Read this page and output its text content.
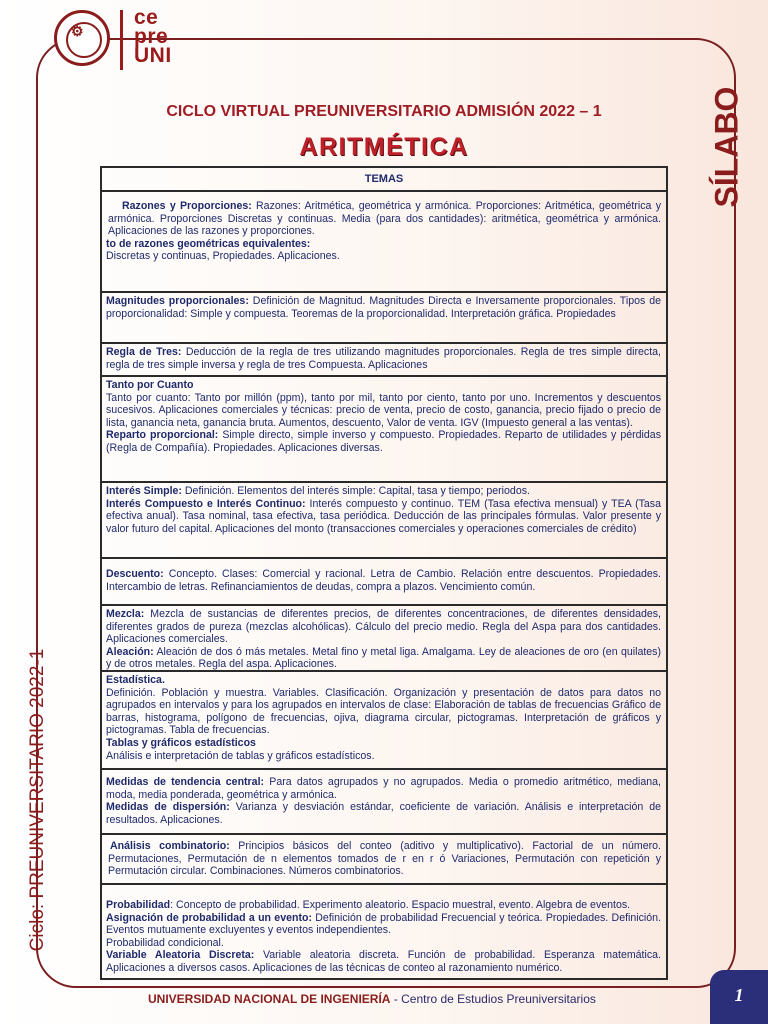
⚙
ce
pre
UNI
SÍLABO
Ciclo: PREUNIVERSITARIO 2022-1
CICLO VIRTUAL PREUNIVERSITARIO ADMISIÓN 2022 – 1
ARITMÉTICA
TEMAS

Razones y Proporciones: Razones: Aritmética, geométrica y armónica. Proporciones: Aritmética, geométrica y armónica. Proporciones Discretas y continuas. Media (para dos cantidades): aritmética, geométrica y armónica. Aplicaciones de las razones y proporciones.

to de razones geométricas equivalentes:

Discretas y continuas, Propiedades. Aplicaciones.

Magnitudes proporcionales: Definición de Magnitud. Magnitudes Directa e Inversamente proporcionales. Tipos de proporcionalidad: Simple y compuesta. Teoremas de la proporcionalidad. Interpretación gráfica. Propiedades

Regla de Tres: Deducción de la regla de tres utilizando magnitudes proporcionales. Regla de tres simple directa, regla de tres simple inversa y regla de tres Compuesta. Aplicaciones

Tanto por Cuanto

Tanto por cuanto: Tanto por millón (ppm), tanto por mil, tanto por ciento, tanto por uno. Incrementos y descuentos sucesivos. Aplicaciones comerciales y técnicas: precio de venta, precio de costo, ganancia, precio fijado o precio de lista, ganancia neta, ganancia bruta. Aumentos, descuento, Valor de venta. IGV (Impuesto general a las ventas).

Reparto proporcional: Simple directo, simple inverso y compuesto. Propiedades. Reparto de utilidades y pérdidas (Regla de Compañía). Propiedades. Aplicaciones diversas.

Interés Simple: Definición. Elementos del interés simple: Capital, tasa y tiempo; periodos.

Interés Compuesto e Interés Continuo: Interés compuesto y continuo. TEM (Tasa efectiva mensual) y TEA (Tasa efectiva anual). Tasa nominal, tasa efectiva, tasa periódica. Deducción de las principales fórmulas. Valor presente y valor futuro del capital. Aplicaciones del monto (transacciones comerciales y operaciones comerciales de crédito)

Descuento: Concepto. Clases: Comercial y racional. Letra de Cambio. Relación entre descuentos. Propiedades. Intercambio de letras. Refinanciamientos de deudas, compra a plazos. Vencimiento común.

Mezcla: Mezcla de sustancias de diferentes precios, de diferentes concentraciones, de diferentes densidades, diferentes grados de pureza (mezclas alcohólicas). Cálculo del precio medio. Regla del Aspa para dos cantidades. Aplicaciones comerciales.

Aleación: Aleación de dos ó más metales. Metal fino y metal liga. Amalgama. Ley de aleaciones de oro (en quilates) y de otros metales. Regla del aspa. Aplicaciones.

Estadística.

Definición. Población y muestra. Variables. Clasificación. Organización y presentación de datos para datos no agrupados en intervalos y para los agrupados en intervalos de clase: Elaboración de tablas de frecuencias Gráfico de barras, histograma, polígono de frecuencias, ojiva, diagrama circular, pictogramas. Interpretación de gráficos y pictogramas. Tabla de frecuencias.

Tablas y gráficos estadísticos

Análisis e interpretación de tablas y gráficos estadísticos.

Medidas de tendencia central: Para datos agrupados y no agrupados. Media o promedio aritmético, mediana, moda, media ponderada, geométrica y armónica.

Medidas de dispersión: Varianza y desviación estándar, coeficiente de variación. Análisis e interpretación de resultados. Aplicaciones.

Análisis combinatorio: Principios básicos del conteo (aditivo y multiplicativo). Factorial de un número. Permutaciones, Permutación de n elementos tomados de r en r ó Variaciones, Permutación con repetición y Permutación circular. Combinaciones. Números combinatorios.

Probabilidad: Concepto de probabilidad. Experimento aleatorio. Espacio muestral, evento. Algebra de eventos.

Asignación de probabilidad a un evento: Definición de probabilidad Frecuencial y teórica. Propiedades. Definición. Eventos mutuamente excluyentes y eventos independientes.

Probabilidad condicional.

Variable Aleatoria Discreta: Variable aleatoria discreta. Función de probabilidad. Esperanza matemática. Aplicaciones a diversos casos. Aplicaciones de las técnicas de conteo al razonamiento numérico.

UNIVERSIDAD NACIONAL DE INGENIERÍA - Centro de Estudios Preuniversitarios	1
